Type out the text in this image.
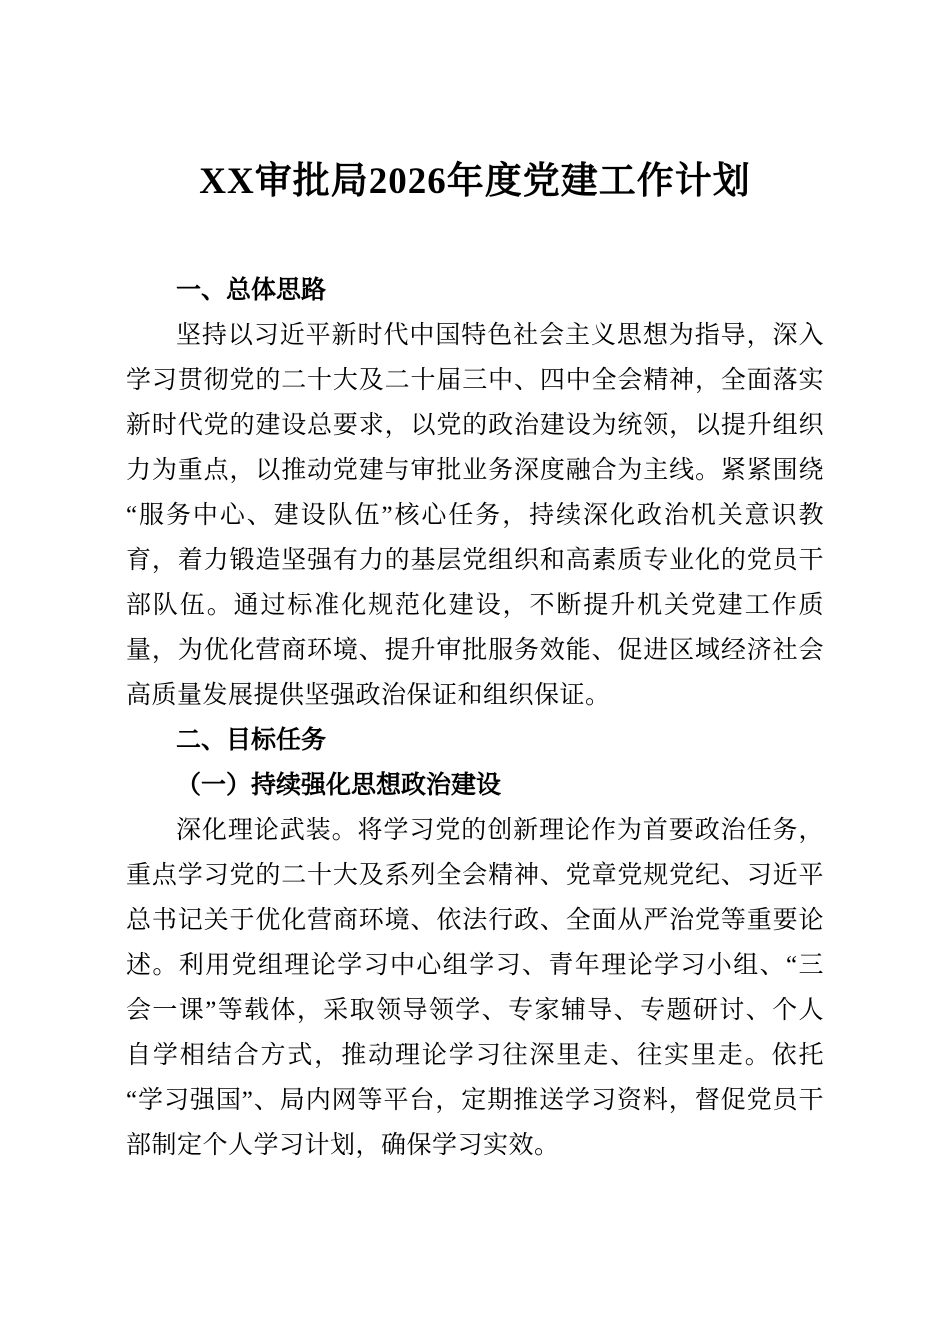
XX审批局2026年度党建工作计划
一、总体思路

坚持以习近平新时代中国特色社会主义思想为指导，深入学习贯彻党的二十大及二十届三中、四中全会精神，全面落实新时代党的建设总要求，以党的政治建设为统领，以提升组织力为重点，以推动党建与审批业务深度融合为主线。紧紧围绕“服务中心、建设队伍”核心任务，持续深化政治机关意识教育，着力锻造坚强有力的基层党组织和高素质专业化的党员干部队伍。通过标准化规范化建设，不断提升机关党建工作质量，为优化营商环境、提升审批服务效能、促进区域经济社会高质量发展提供坚强政治保证和组织保证。

二、目标任务
（一）持续强化思想政治建设

深化理论武装。将学习党的创新理论作为首要政治任务，重点学习党的二十大及系列全会精神、党章党规党纪、习近平总书记关于优化营商环境、依法行政、全面从严治党等重要论述。利用党组理论学习中心组学习、青年理论学习小组、“三会一课”等载体，采取领导领学、专家辅导、专题研讨、个人自学相结合方式，推动理论学习往深里走、往实里走。依托“学习强国”、局内网等平台，定期推送学习资料，督促党员干部制定个人学习计划，确保学习实效。
